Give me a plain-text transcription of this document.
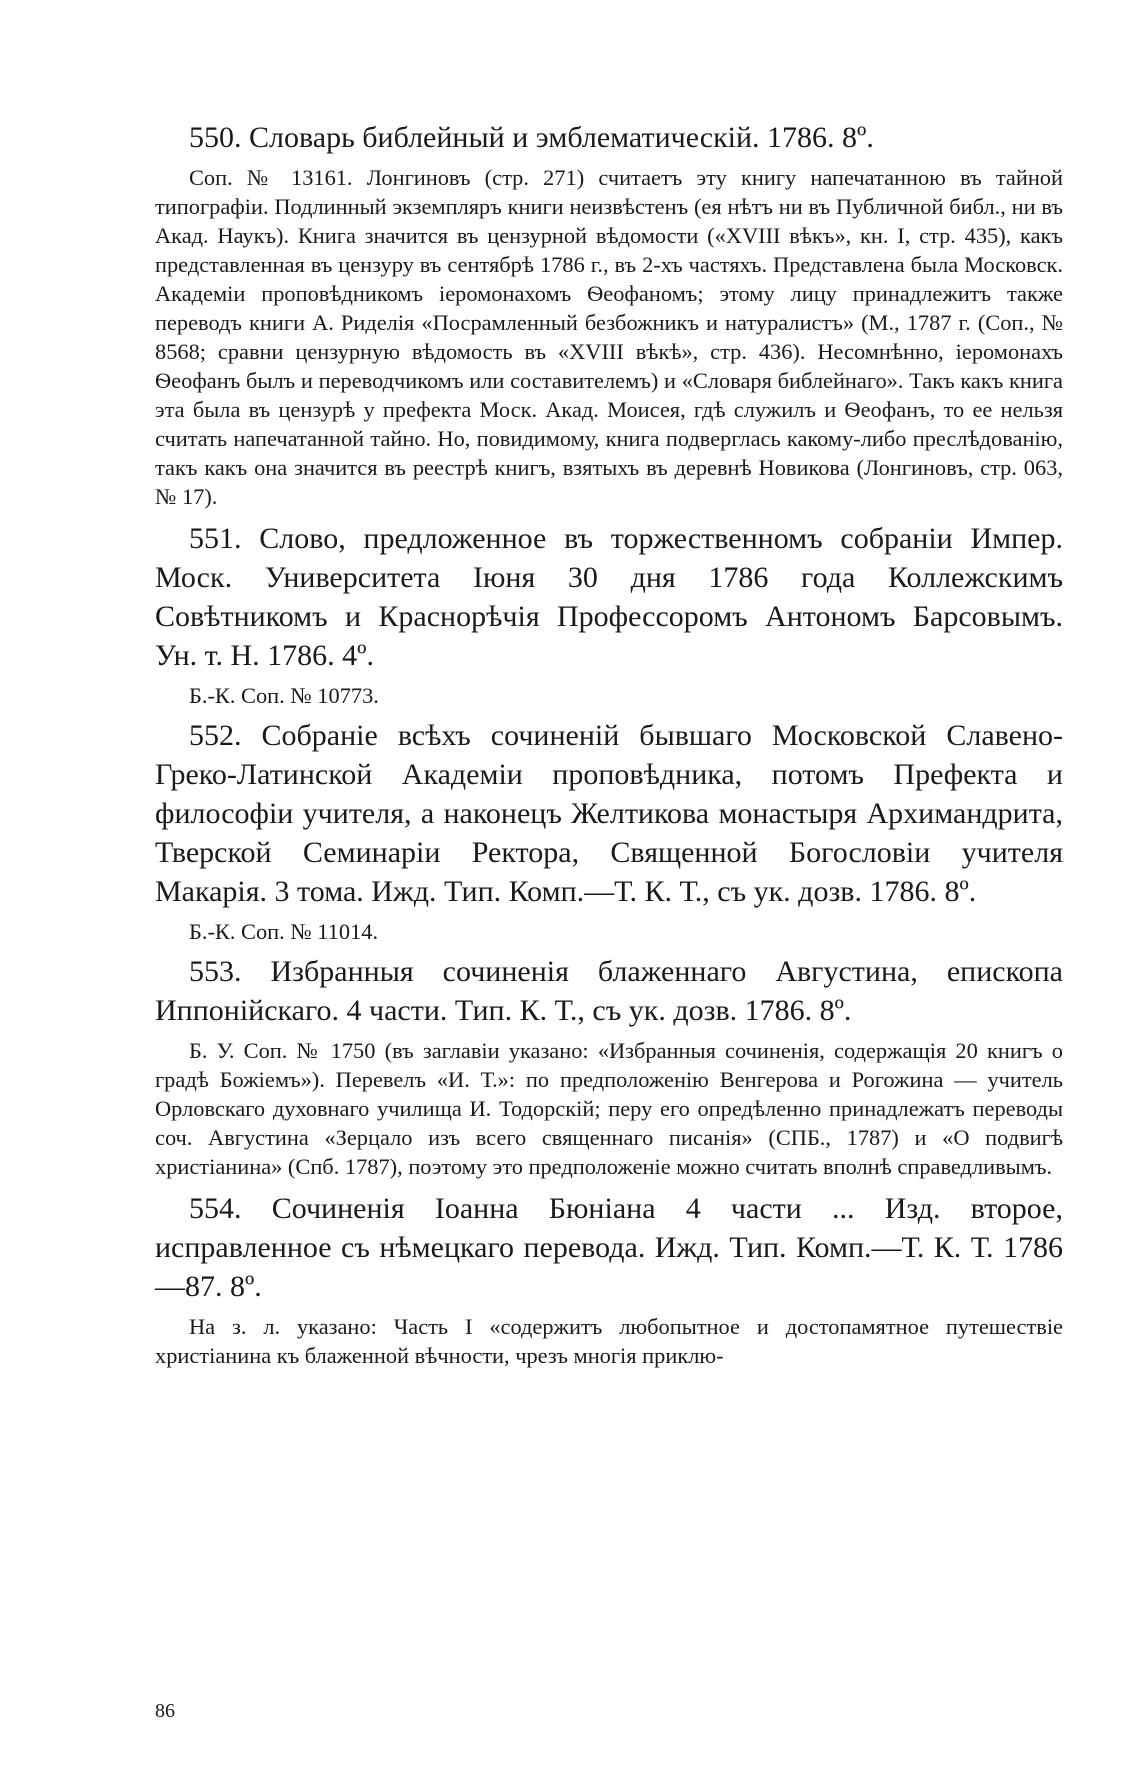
550. Словарь библейный и эмблематическій. 1786. 8º.

Соп. № 13161. Лонгиновъ (стр. 271) считаетъ эту книгу напечатанною въ тайной типографіи. Подлинный экземпляръ книги неизвѣстенъ (ея нѣтъ ни въ Публичной библ., ни въ Акад. Наукъ). Книга значится въ цензурной вѣдомости («XVIII вѣкъ», кн. I, стр. 435), какъ представленная въ цензуру въ сентябрѣ 1786 г., въ 2-хъ частяхъ. Представлена была Московск. Академіи проповѣдникомъ іеромонахомъ Ѳеофаномъ; этому лицу принадлежитъ также переводъ книги А. Риделія «Посрамленный безбожникъ и натуралистъ» (М., 1787 г. (Соп., № 8568; сравни цензурную вѣдомость въ «XVIII вѣкѣ», стр. 436). Несомнѣнно, іеромонахъ Ѳеофанъ былъ и переводчикомъ или составителемъ) и «Словаря библейнаго». Такъ какъ книга эта была въ цензурѣ у префекта Моск. Акад. Моисея, гдѣ служилъ и Ѳеофанъ, то ее нельзя считать напечатанной тайно. Но, повидимому, книга подверглась какому-либо преслѣдованію, такъ какъ она значится въ реестрѣ книгъ, взятыхъ въ деревнѣ Новикова (Лонгиновъ, стр. 063, № 17).

551. Слово, предложенное въ торжественномъ собраніи Импер. Моск. Университета Іюня 30 дня 1786 года Коллежскимъ Совѣтникомъ и Краснорѣчія Профессоромъ Антономъ Барсовымъ. Ун. т. Н. 1786. 4º.

Б.-К. Соп. № 10773.

552. Собраніе всѣхъ сочиненій бывшаго Московской Славено-Греко-Латинской Академіи проповѣдника, потомъ Префекта и философіи учителя, а наконецъ Желтикова монастыря Архимандрита, Тверской Семинаріи Ректора, Священной Богословіи учителя Макарія. 3 тома. Ижд. Тип. Комп.—Т. К. Т., съ ук. дозв. 1786. 8º.

Б.-К. Соп. № 11014.

553. Избранныя сочиненія блаженнаго Августина, епископа Иппонійскаго. 4 части. Тип. К. Т., съ ук. дозв. 1786. 8º.

Б. У. Соп. № 1750 (въ заглавіи указано: «Избранныя сочиненія, содержащія 20 книгъ о градѣ Божіемъ»). Перевелъ «И. Т.»: по предположенію Венгерова и Рогожина — учитель Орловскаго духовнаго училища И. Тодорскій; перу его опредѣленно принадлежатъ переводы соч. Августина «Зерцало изъ всего священнаго писанія» (СПБ., 1787) и «О подвигѣ христіанина» (Спб. 1787), поэтому это предположеніе можно считать вполнѣ справедливымъ.

554. Сочиненія Іоанна Бюніана 4 части ... Изд. второе, исправленное съ нѣмецкаго перевода. Ижд. Тип. Комп.—Т. К. Т. 1786—87. 8º.

На з. л. указано: Часть I «содержитъ любопытное и достопамятное путешествіе христіанина къ блаженной вѣчности, чрезъ многія приклю-

86
